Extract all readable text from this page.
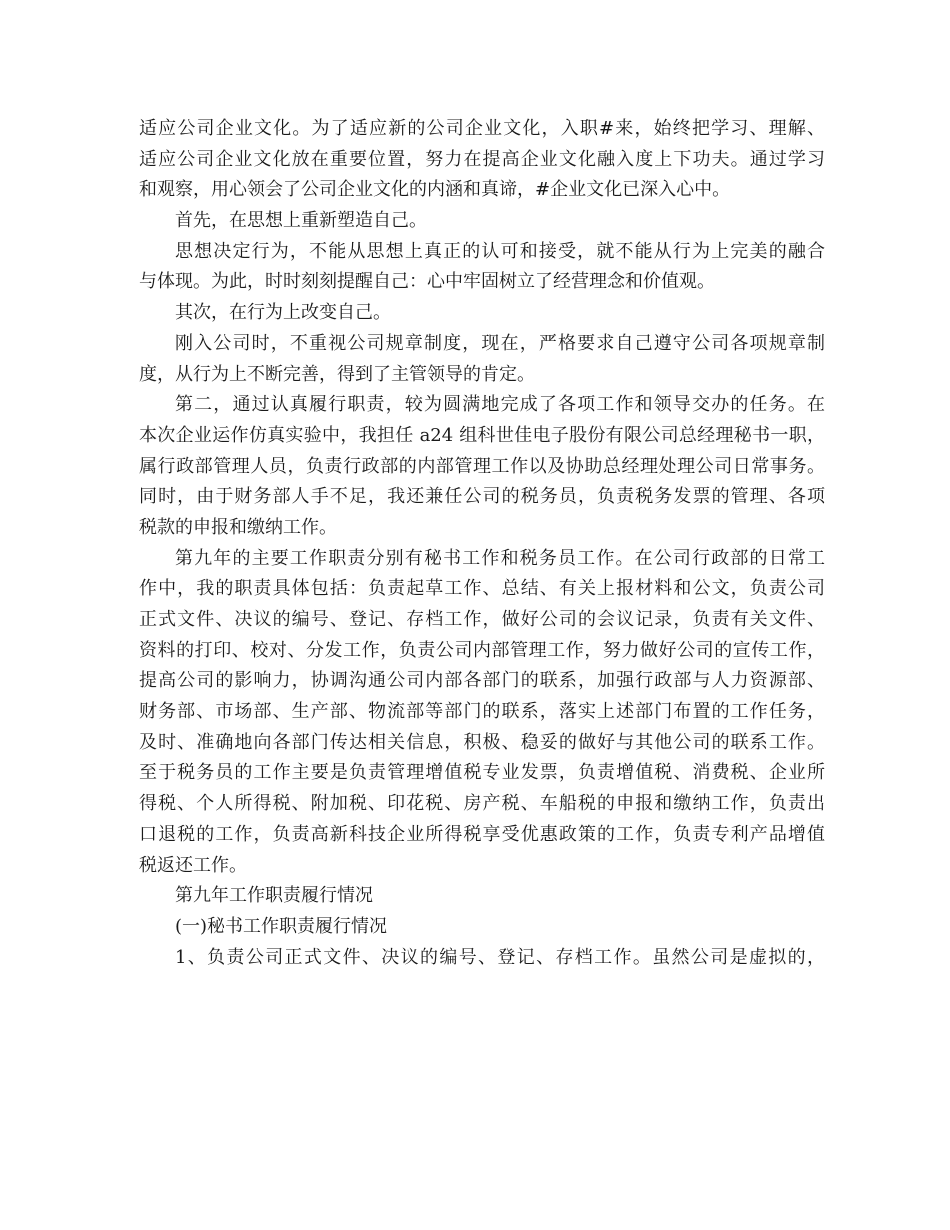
适应公司企业文化。为了适应新的公司企业文化，入职#来，始终把学习、理解、
适应公司企业文化放在重要位置，努力在提高企业文化融入度上下功夫。通过学习
和观察，用心领会了公司企业文化的内涵和真谛，#企业文化已深入心中。
首先，在思想上重新塑造自己。
思想决定行为，不能从思想上真正的认可和接受，就不能从行为上完美的融合
与体现。为此，时时刻刻提醒自己：心中牢固树立了经营理念和价值观。
其次，在行为上改变自己。
刚入公司时，不重视公司规章制度，现在，严格要求自己遵守公司各项规章制
度，从行为上不断完善，得到了主管领导的肯定。
第二，通过认真履行职责，较为圆满地完成了各项工作和领导交办的任务。在
本次企业运作仿真实验中，我担任 a24 组科世佳电子股份有限公司总经理秘书一职，
属行政部管理人员，负责行政部的内部管理工作以及协助总经理处理公司日常事务。
同时，由于财务部人手不足，我还兼任公司的税务员，负责税务发票的管理、各项
税款的申报和缴纳工作。
第九年的主要工作职责分别有秘书工作和税务员工作。在公司行政部的日常工
作中，我的职责具体包括：负责起草工作、总结、有关上报材料和公文，负责公司
正式文件、决议的编号、登记、存档工作，做好公司的会议记录，负责有关文件、
资料的打印、校对、分发工作，负责公司内部管理工作，努力做好公司的宣传工作，
提高公司的影响力，协调沟通公司内部各部门的联系，加强行政部与人力资源部、
财务部、市场部、生产部、物流部等部门的联系，落实上述部门布置的工作任务，
及时、准确地向各部门传达相关信息，积极、稳妥的做好与其他公司的联系工作。
至于税务员的工作主要是负责管理增值税专业发票，负责增值税、消费税、企业所
得税、个人所得税、附加税、印花税、房产税、车船税的申报和缴纳工作，负责出
口退税的工作，负责高新科技企业所得税享受优惠政策的工作，负责专利产品增值
税返还工作。
第九年工作职责履行情况
(一)秘书工作职责履行情况
1、负责公司正式文件、决议的编号、登记、存档工作。虽然公司是虚拟的，
